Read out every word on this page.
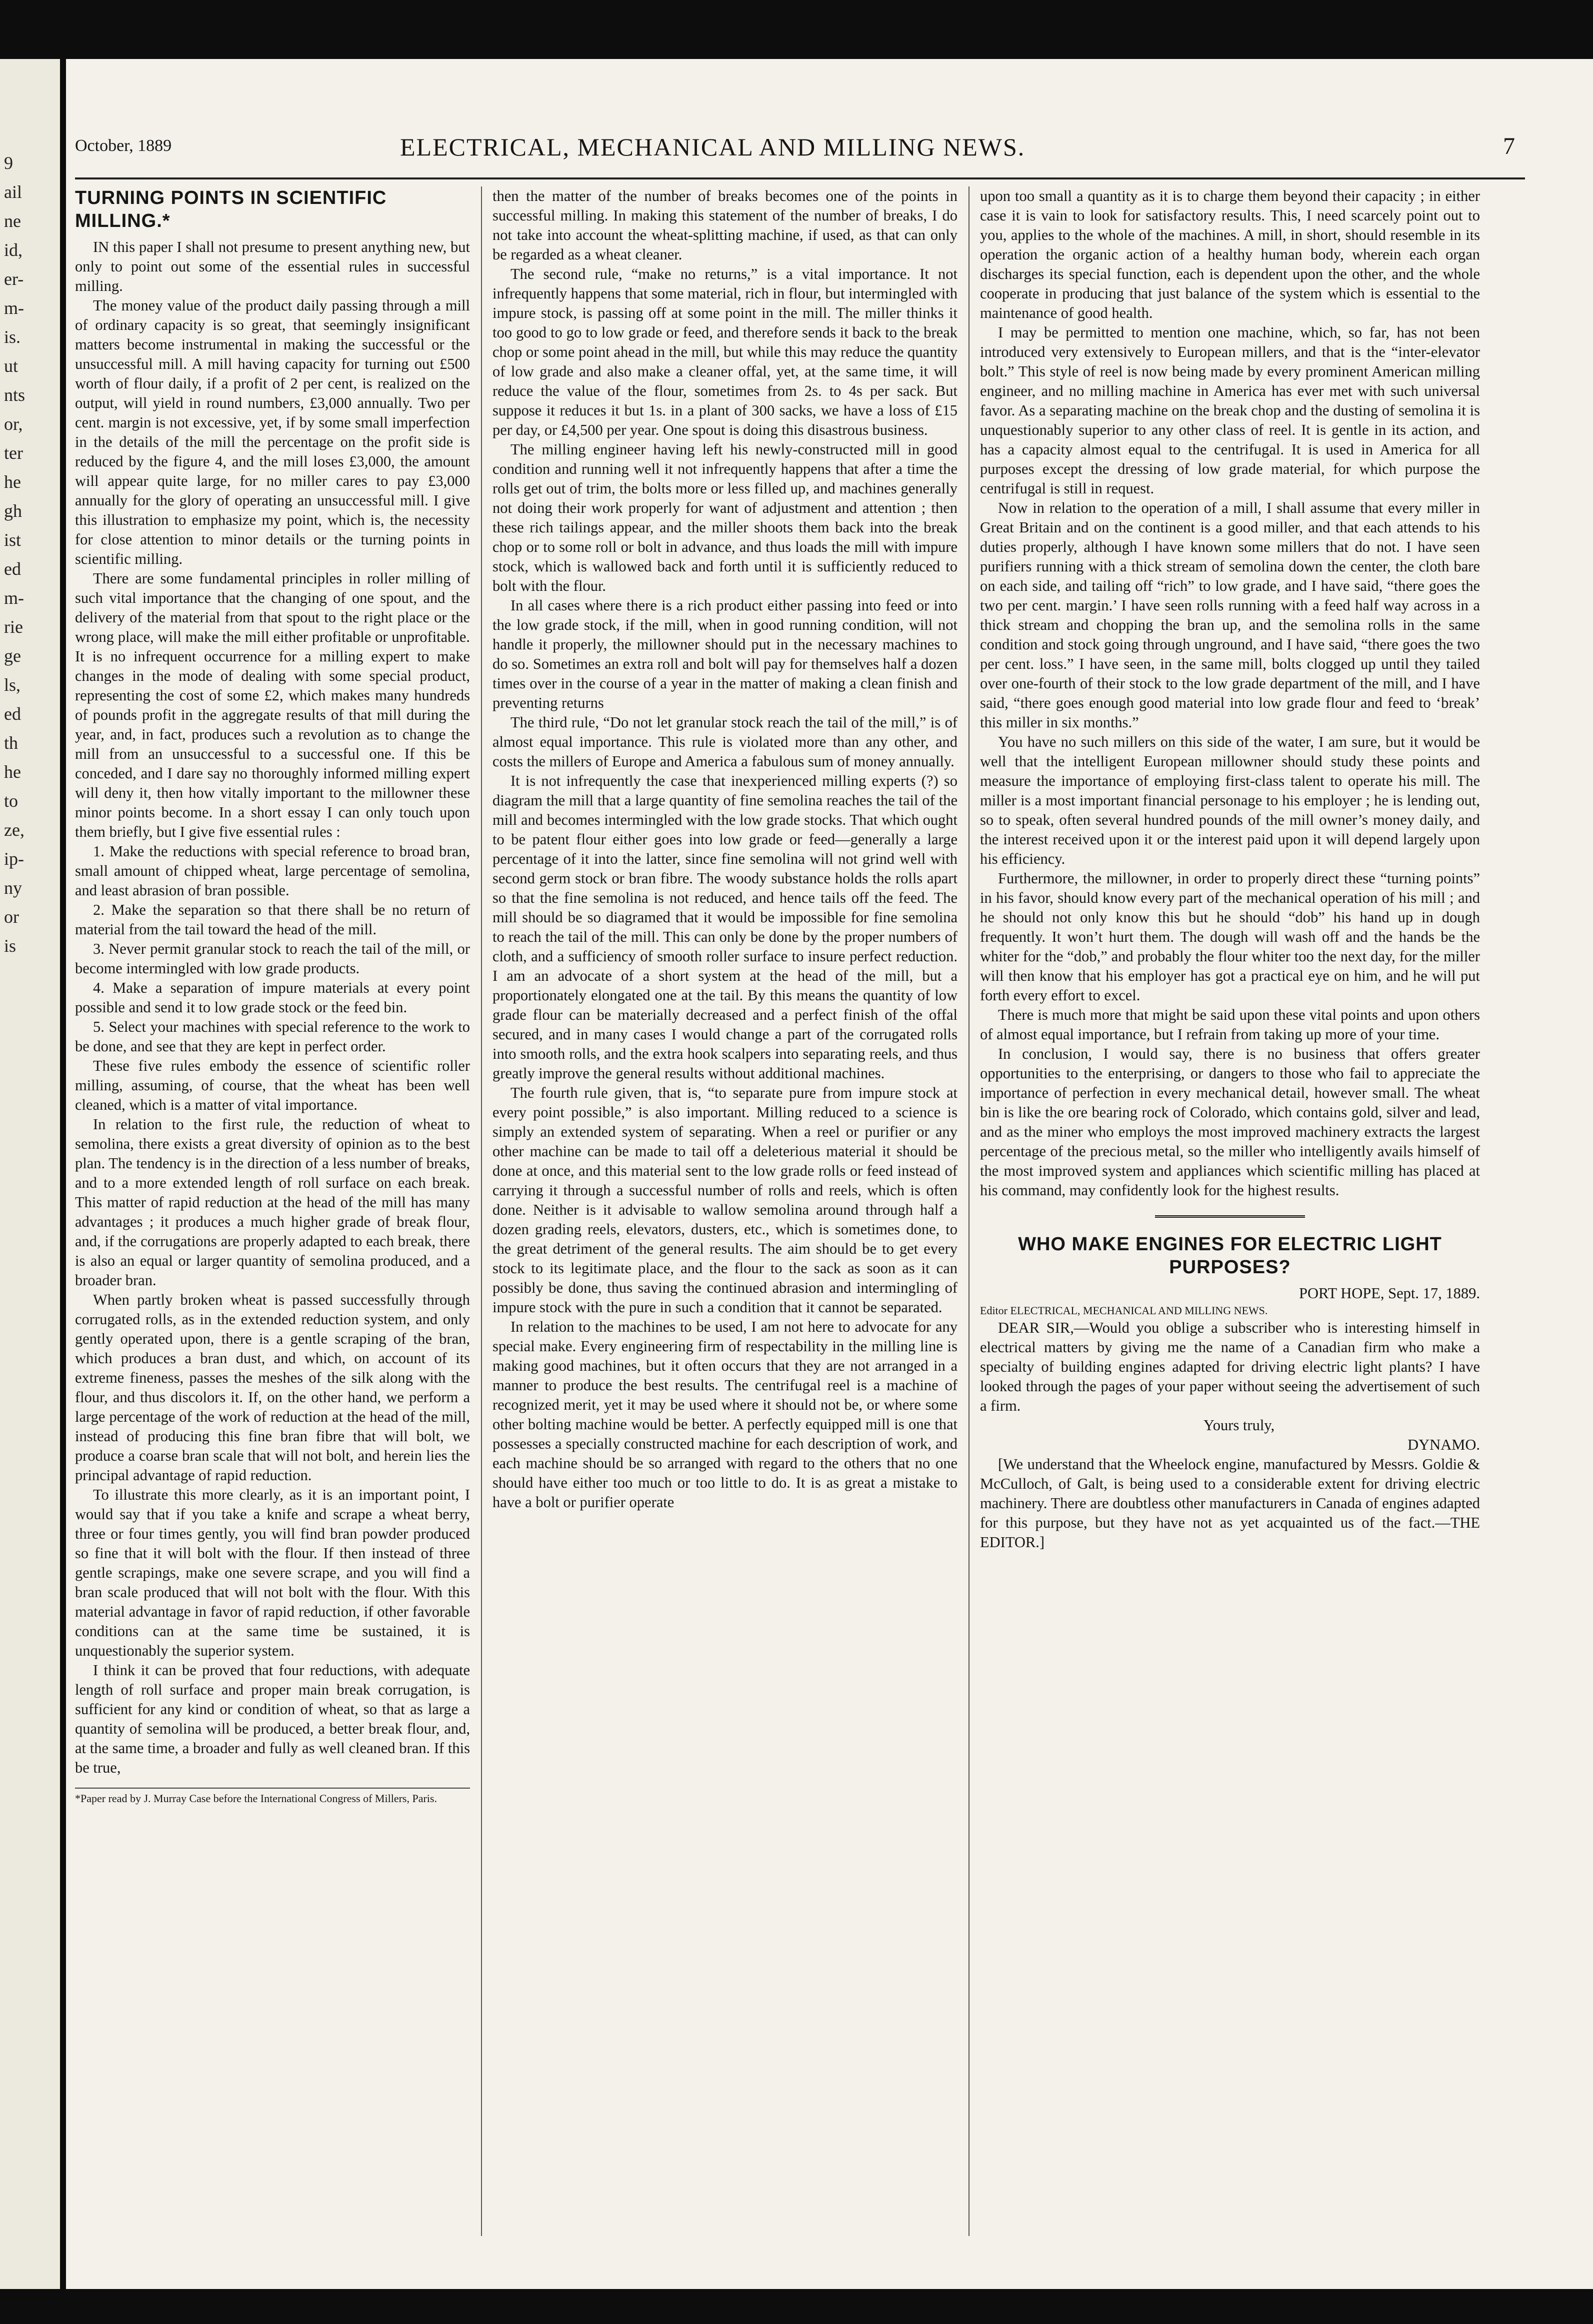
9
ail
ne
id,
er-
m-
is.
ut
nts
or,
ter
he
gh
ist
ed
m-
rie
ge
ls,
ed
th
he
to
ze,
ip-
ny
or
is
October, 1889	ELECTRICAL, MECHANICAL AND MILLING NEWS.	7
TURNING POINTS IN SCIENTIFIC MILLING.*

IN this paper I shall not presume to present anything new, but only to point out some of the essential rules in successful milling.

The money value of the product daily passing through a mill of ordinary capacity is so great, that seemingly insignificant matters become instrumental in making the successful or the unsuccessful mill. A mill having capacity for turning out £500 worth of flour daily, if a profit of 2 per cent, is realized on the output, will yield in round numbers, £3,000 annually. Two per cent. margin is not excessive, yet, if by some small imperfection in the details of the mill the percentage on the profit side is reduced by the figure 4, and the mill loses £3,000, the amount will appear quite large, for no miller cares to pay £3,000 annually for the glory of operating an unsuccessful mill. I give this illustration to emphasize my point, which is, the necessity for close attention to minor details or the turning points in scientific milling.

There are some fundamental principles in roller milling of such vital importance that the changing of one spout, and the delivery of the material from that spout to the right place or the wrong place, will make the mill either profitable or unprofitable. It is no infrequent occurrence for a milling expert to make changes in the mode of dealing with some special product, representing the cost of some £2, which makes many hundreds of pounds profit in the aggregate results of that mill during the year, and, in fact, produces such a revolution as to change the mill from an unsuccessful to a successful one. If this be conceded, and I dare say no thoroughly informed milling expert will deny it, then how vitally important to the millowner these minor points become. In a short essay I can only touch upon them briefly, but I give five essential rules :

1. Make the reductions with special reference to broad bran, small amount of chipped wheat, large percentage of semolina, and least abrasion of bran possible.

2. Make the separation so that there shall be no return of material from the tail toward the head of the mill.

3. Never permit granular stock to reach the tail of the mill, or become intermingled with low grade products.

4. Make a separation of impure materials at every point possible and send it to low grade stock or the feed bin.

5. Select your machines with special reference to the work to be done, and see that they are kept in perfect order.

These five rules embody the essence of scientific roller milling, assuming, of course, that the wheat has been well cleaned, which is a matter of vital importance.

In relation to the first rule, the reduction of wheat to semolina, there exists a great diversity of opinion as to the best plan. The tendency is in the direction of a less number of breaks, and to a more extended length of roll surface on each break. This matter of rapid reduction at the head of the mill has many advantages ; it produces a much higher grade of break flour, and, if the corrugations are properly adapted to each break, there is also an equal or larger quantity of semolina produced, and a broader bran.

When partly broken wheat is passed successfully through corrugated rolls, as in the extended reduction system, and only gently operated upon, there is a gentle scraping of the bran, which produces a bran dust, and which, on account of its extreme fineness, passes the meshes of the silk along with the flour, and thus discolors it. If, on the other hand, we perform a large percentage of the work of reduction at the head of the mill, instead of producing this fine bran fibre that will bolt, we produce a coarse bran scale that will not bolt, and herein lies the principal advantage of rapid reduction.

To illustrate this more clearly, as it is an important point, I would say that if you take a knife and scrape a wheat berry, three or four times gently, you will find bran powder produced so fine that it will bolt with the flour. If then instead of three gentle scrapings, make one severe scrape, and you will find a bran scale produced that will not bolt with the flour. With this material advantage in favor of rapid reduction, if other favorable conditions can at the same time be sustained, it is unquestionably the superior system.

I think it can be proved that four reductions, with adequate length of roll surface and proper main break corrugation, is sufficient for any kind or condition of wheat, so that as large a quantity of semolina will be produced, a better break flour, and, at the same time, a broader and fully as well cleaned bran. If this be true,

*Paper read by J. Murray Case before the International Congress of Millers, Paris.

then the matter of the number of breaks becomes one of the points in successful milling. In making this statement of the number of breaks, I do not take into account the wheat-splitting machine, if used, as that can only be regarded as a wheat cleaner.

The second rule, “make no returns,” is a vital importance. It not infrequently happens that some material, rich in flour, but intermingled with impure stock, is passing off at some point in the mill. The miller thinks it too good to go to low grade or feed, and therefore sends it back to the break chop or some point ahead in the mill, but while this may reduce the quantity of low grade and also make a cleaner offal, yet, at the same time, it will reduce the value of the flour, sometimes from 2s. to 4s per sack. But suppose it reduces it but 1s. in a plant of 300 sacks, we have a loss of £15 per day, or £4,500 per year. One spout is doing this disastrous business.

The milling engineer having left his newly-constructed mill in good condition and running well it not infrequently happens that after a time the rolls get out of trim, the bolts more or less filled up, and machines generally not doing their work properly for want of adjustment and attention ; then these rich tailings appear, and the miller shoots them back into the break chop or to some roll or bolt in advance, and thus loads the mill with impure stock, which is wallowed back and forth until it is sufficiently reduced to bolt with the flour.

In all cases where there is a rich product either passing into feed or into the low grade stock, if the mill, when in good running condition, will not handle it properly, the millowner should put in the necessary machines to do so. Sometimes an extra roll and bolt will pay for themselves half a dozen times over in the course of a year in the matter of making a clean finish and preventing returns

The third rule, “Do not let granular stock reach the tail of the mill,” is of almost equal importance. This rule is violated more than any other, and costs the millers of Europe and America a fabulous sum of money annually.

It is not infrequently the case that inexperienced milling experts (?) so diagram the mill that a large quantity of fine semolina reaches the tail of the mill and becomes intermingled with the low grade stocks. That which ought to be patent flour either goes into low grade or feed—generally a large percentage of it into the latter, since fine semolina will not grind well with second germ stock or bran fibre. The woody substance holds the rolls apart so that the fine semolina is not reduced, and hence tails off the feed. The mill should be so diagramed that it would be impossible for fine semolina to reach the tail of the mill. This can only be done by the proper numbers of cloth, and a sufficiency of smooth roller surface to insure perfect reduction. I am an advocate of a short system at the head of the mill, but a proportionately elongated one at the tail. By this means the quantity of low grade flour can be materially decreased and a perfect finish of the offal secured, and in many cases I would change a part of the corrugated rolls into smooth rolls, and the extra hook scalpers into separating reels, and thus greatly improve the general results without additional machines.

The fourth rule given, that is, “to separate pure from impure stock at every point possible,” is also important. Milling reduced to a science is simply an extended system of separating. When a reel or purifier or any other machine can be made to tail off a deleterious material it should be done at once, and this material sent to the low grade rolls or feed instead of carrying it through a successful number of rolls and reels, which is often done. Neither is it advisable to wallow semolina around through half a dozen grading reels, elevators, dusters, etc., which is sometimes done, to the great detriment of the general results. The aim should be to get every stock to its legitimate place, and the flour to the sack as soon as it can possibly be done, thus saving the continued abrasion and intermingling of impure stock with the pure in such a condition that it cannot be separated.

In relation to the machines to be used, I am not here to advocate for any special make. Every engineering firm of respectability in the milling line is making good machines, but it often occurs that they are not arranged in a manner to produce the best results. The centrifugal reel is a machine of recognized merit, yet it may be used where it should not be, or where some other bolting machine would be better. A perfectly equipped mill is one that possesses a specially constructed machine for each description of work, and each machine should be so arranged with regard to the others that no one should have either too much or too little to do. It is as great a mistake to have a bolt or purifier operate

upon too small a quantity as it is to charge them beyond their capacity ; in either case it is vain to look for satisfactory results. This, I need scarcely point out to you, applies to the whole of the machines. A mill, in short, should resemble in its operation the organic action of a healthy human body, wherein each organ discharges its special function, each is dependent upon the other, and the whole cooperate in producing that just balance of the system which is essential to the maintenance of good health.

I may be permitted to mention one machine, which, so far, has not been introduced very extensively to European millers, and that is the “inter-elevator bolt.” This style of reel is now being made by every prominent American milling engineer, and no milling machine in America has ever met with such universal favor. As a separating machine on the break chop and the dusting of semolina it is unquestionably superior to any other class of reel. It is gentle in its action, and has a capacity almost equal to the centrifugal. It is used in America for all purposes except the dressing of low grade material, for which purpose the centrifugal is still in request.

Now in relation to the operation of a mill, I shall assume that every miller in Great Britain and on the continent is a good miller, and that each attends to his duties properly, although I have known some millers that do not. I have seen purifiers running with a thick stream of semolina down the center, the cloth bare on each side, and tailing off “rich” to low grade, and I have said, “there goes the two per cent. margin.’ I have seen rolls running with a feed half way across in a thick stream and chopping the bran up, and the semolina rolls in the same condition and stock going through unground, and I have said, “there goes the two per cent. loss.” I have seen, in the same mill, bolts clogged up until they tailed over one-fourth of their stock to the low grade department of the mill, and I have said, “there goes enough good material into low grade flour and feed to ‘break’ this miller in six months.”

You have no such millers on this side of the water, I am sure, but it would be well that the intelligent European millowner should study these points and measure the importance of employing first-class talent to operate his mill. The miller is a most important financial personage to his employer ; he is lending out, so to speak, often several hundred pounds of the mill owner’s money daily, and the interest received upon it or the interest paid upon it will depend largely upon his efficiency.

Furthermore, the millowner, in order to properly direct these “turning points” in his favor, should know every part of the mechanical operation of his mill ; and he should not only know this but he should “dob” his hand up in dough frequently. It won’t hurt them. The dough will wash off and the hands be the whiter for the “dob,” and probably the flour whiter too the next day, for the miller will then know that his employer has got a practical eye on him, and he will put forth every effort to excel.

There is much more that might be said upon these vital points and upon others of almost equal importance, but I refrain from taking up more of your time.

In conclusion, I would say, there is no business that offers greater opportunities to the enterprising, or dangers to those who fail to appreciate the importance of perfection in every mechanical detail, however small. The wheat bin is like the ore bearing rock of Colorado, which contains gold, silver and lead, and as the miner who employs the most improved machinery extracts the largest percentage of the precious metal, so the miller who intelligently avails himself of the most improved system and appliances which scientific milling has placed at his command, may confidently look for the highest results.

WHO MAKE ENGINES FOR ELECTRIC LIGHT PURPOSES?

PORT HOPE, Sept. 17, 1889.

Editor ELECTRICAL, MECHANICAL AND MILLING NEWS.

DEAR SIR,—Would you oblige a subscriber who is interesting himself in electrical matters by giving me the name of a Canadian firm who make a specialty of building engines adapted for driving electric light plants? I have looked through the pages of your paper without seeing the advertisement of such a firm.

Yours truly,

DYNAMO.

[We understand that the Wheelock engine, manufactured by Messrs. Goldie & McCulloch, of Galt, is being used to a considerable extent for driving electric machinery. There are doubtless other manufacturers in Canada of engines adapted for this purpose, but they have not as yet acquainted us of the fact.—THE EDITOR.]
